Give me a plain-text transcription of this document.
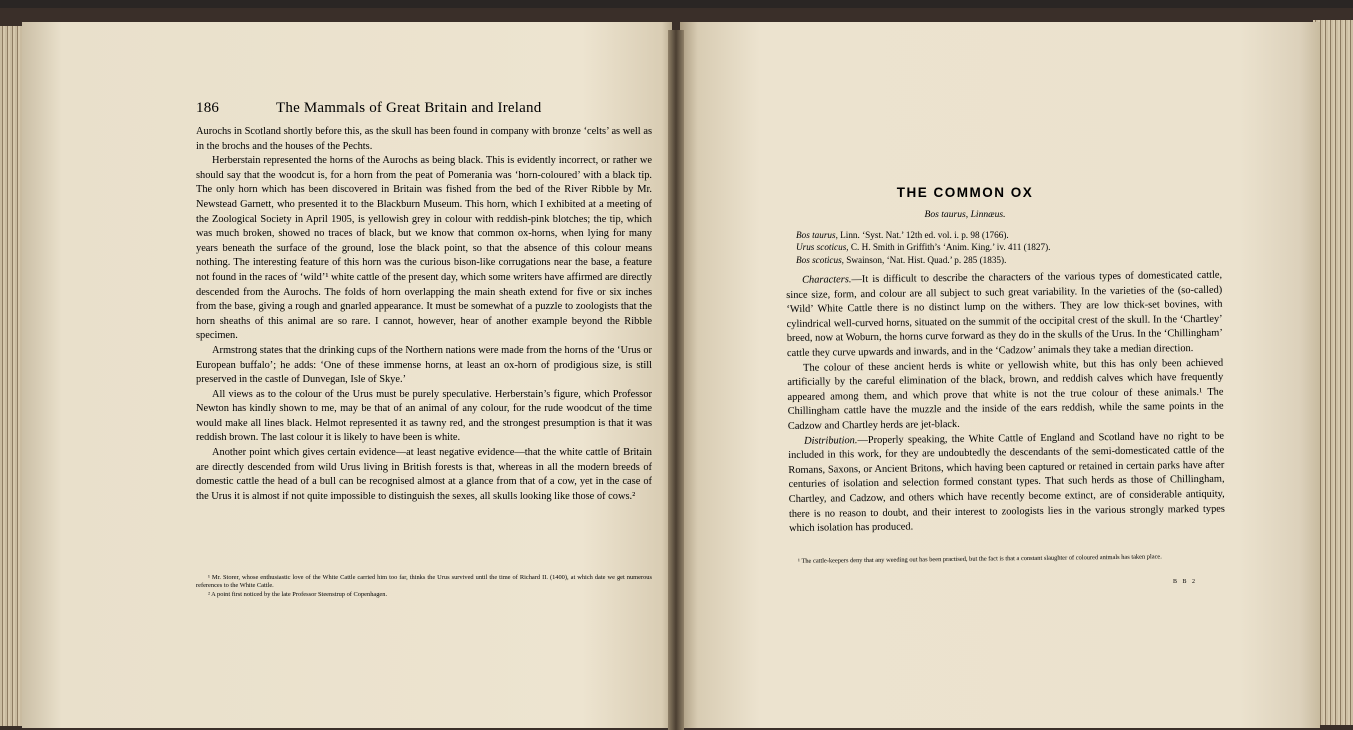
186	The Mammals of Great Britain and Ireland

Aurochs in Scotland shortly before this, as the skull has been found in company with bronze ‘celts’ as well as in the brochs and the houses of the Pechts.

Herberstain represented the horns of the Aurochs as being black. This is evidently incorrect, or rather we should say that the woodcut is, for a horn from the peat of Pomerania was ‘horn-coloured’ with a black tip. The only horn which has been discovered in Britain was fished from the bed of the River Ribble by Mr. Newstead Garnett, who presented it to the Blackburn Museum. This horn, which I exhibited at a meeting of the Zoological Society in April 1905, is yellowish grey in colour with reddish-pink blotches; the tip, which was much broken, showed no traces of black, but we know that common ox-horns, when lying for many years beneath the surface of the ground, lose the black point, so that the absence of this colour means nothing. The interesting feature of this horn was the curious bison-like corrugations near the base, a feature not found in the races of ‘wild’¹ white cattle of the present day, which some writers have affirmed are directly descended from the Aurochs. The folds of horn overlapping the main sheath extend for five or six inches from the base, giving a rough and gnarled appearance. It must be somewhat of a puzzle to zoologists that the horn sheaths of this animal are so rare. I cannot, however, hear of another example beyond the Ribble specimen.

Armstrong states that the drinking cups of the Northern nations were made from the horns of the ‘Urus or European buffalo’; he adds: ‘One of these immense horns, at least an ox-horn of prodigious size, is still preserved in the castle of Dunvegan, Isle of Skye.’

All views as to the colour of the Urus must be purely speculative. Herberstain’s figure, which Professor Newton has kindly shown to me, may be that of an animal of any colour, for the rude woodcut of the time would make all lines black. Helmot represented it as tawny red, and the strongest presumption is that it was reddish brown. The last colour it is likely to have been is white.

Another point which gives certain evidence—at least negative evidence—that the white cattle of Britain are directly descended from wild Urus living in British forests is that, whereas in all the modern breeds of domestic cattle the head of a bull can be recognised almost at a glance from that of a cow, yet in the case of the Urus it is almost if not quite impossible to distinguish the sexes, all skulls looking like those of cows.²

¹ Mr. Storer, whose enthusiastic love of the White Cattle carried him too far, thinks the Urus survived until the time of Richard II. (1400), at which date we get numerous references to the White Cattle.

² A point first noticed by the late Professor Steenstrup of Copenhagen.

THE COMMON OX
Bos taurus, Linnæus.
Bos taurus, Linn. ‘Syst. Nat.’ 12th ed. vol. i. p. 98 (1766).
Urus scoticus, C. H. Smith in Griffith’s ‘Anim. King.’ iv. 411 (1827).
Bos scoticus, Swainson, ‘Nat. Hist. Quad.’ p. 285 (1835).

Characters.—It is difficult to describe the characters of the various types of domesticated cattle, since size, form, and colour are all subject to such great variability. In the varieties of the (so-called) ‘Wild’ White Cattle there is no distinct lump on the withers. They are low thick-set bovines, with cylindrical well-curved horns, situated on the summit of the occipital crest of the skull. In the ‘Chartley’ breed, now at Woburn, the horns curve forward as they do in the skulls of the Urus. In the ‘Chillingham’ cattle they curve upwards and inwards, and in the ‘Cadzow’ animals they take a median direction.

The colour of these ancient herds is white or yellowish white, but this has only been achieved artificially by the careful elimination of the black, brown, and reddish calves which have frequently appeared among them, and which prove that white is not the true colour of these animals.¹ The Chillingham cattle have the muzzle and the inside of the ears reddish, while the same points in the Cadzow and Chartley herds are jet-black.

Distribution.—Properly speaking, the White Cattle of England and Scotland have no right to be included in this work, for they are undoubtedly the descendants of the semi-domesticated cattle of the Romans, Saxons, or Ancient Britons, which having been captured or retained in certain parks have after centuries of isolation and selection formed constant types. That such herds as those of Chillingham, Chartley, and Cadzow, and others which have recently become extinct, are of considerable antiquity, there is no reason to doubt, and their interest to zoologists lies in the various strongly marked types which isolation has produced.

¹ The cattle-keepers deny that any weeding out has been practised, but the fact is that a constant slaughter of coloured animals has taken place.

B B 2
